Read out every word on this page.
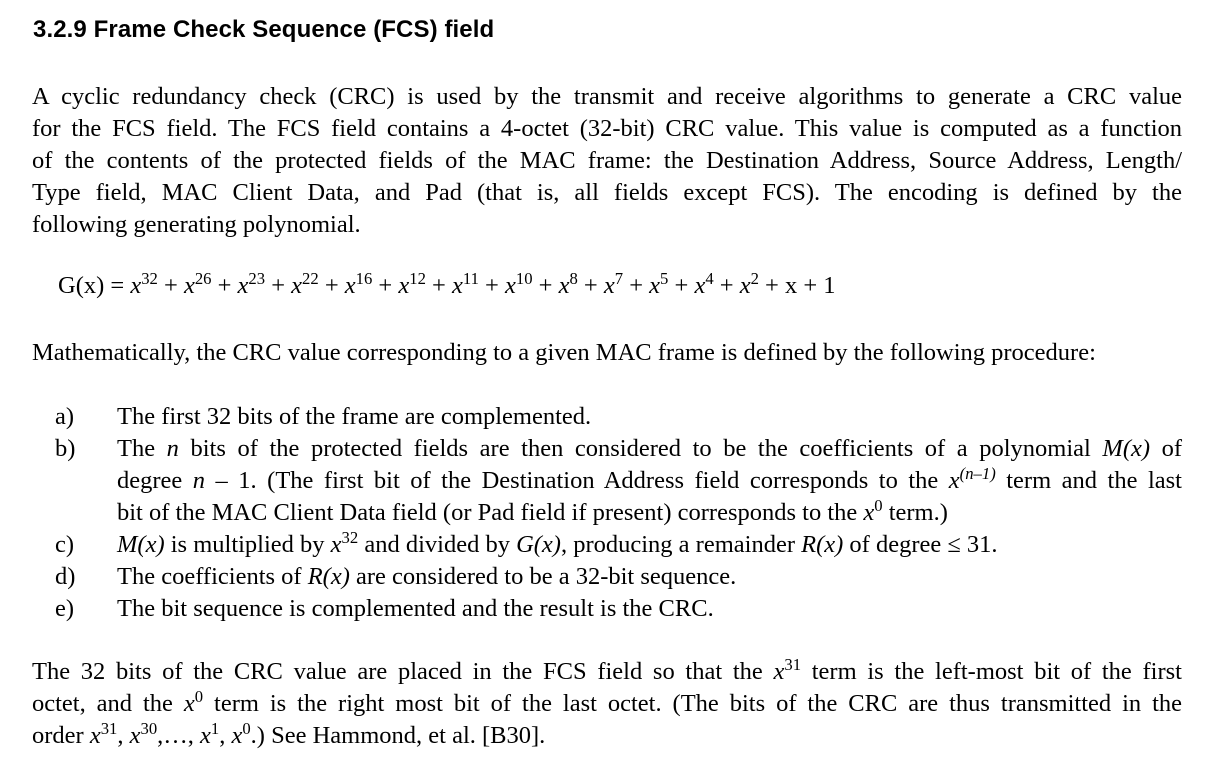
3.2.9 Frame Check Sequence (FCS) field
A cyclic redundancy check (CRC) is used by the transmit and receive algorithms to generate a CRC value
for the FCS field. The FCS field contains a 4-octet (32-bit) CRC value. This value is computed as a function
of the contents of the protected fields of the MAC frame: the Destination Address, Source Address, Length/
Type field, MAC Client Data, and Pad (that is, all fields except FCS). The encoding is defined by the
following generating polynomial.
$G(x) = x^{32} + x^{26} + x^{23} + x^{22} + x^{16} + x^{12} + x^{11} + x^{10} + x^8 + x^7 + x^5 + x^4 + x^2 + x + 1$
Mathematically, the CRC value corresponding to a given MAC frame is defined by the following procedure:
a)	The first 32 bits of the frame are complemented.
b)	The n bits of the protected fields are then considered to be the coefficients of a polynomial M(x) of
degree n – 1. (The first bit of the Destination Address field corresponds to the $x^{(n-1)}$ term and the last
bit of the MAC Client Data field (or Pad field if present) corresponds to the $x^0$ term.)
c)	M(x) is multiplied by $x^{32}$ and divided by G(x), producing a remainder R(x) of degree ≤ 31.
d)	The coefficients of R(x) are considered to be a 32-bit sequence.
e)	The bit sequence is complemented and the result is the CRC.
The 32 bits of the CRC value are placed in the FCS field so that the $x^{31}$ term is the left-most bit of the first
octet, and the $x^0$ term is the right most bit of the last octet. (The bits of the CRC are thus transmitted in the
order $x^{31}$, $x^{30},\dots$, $x^1$, $x^0$.) See Hammond, et al. [B30].
